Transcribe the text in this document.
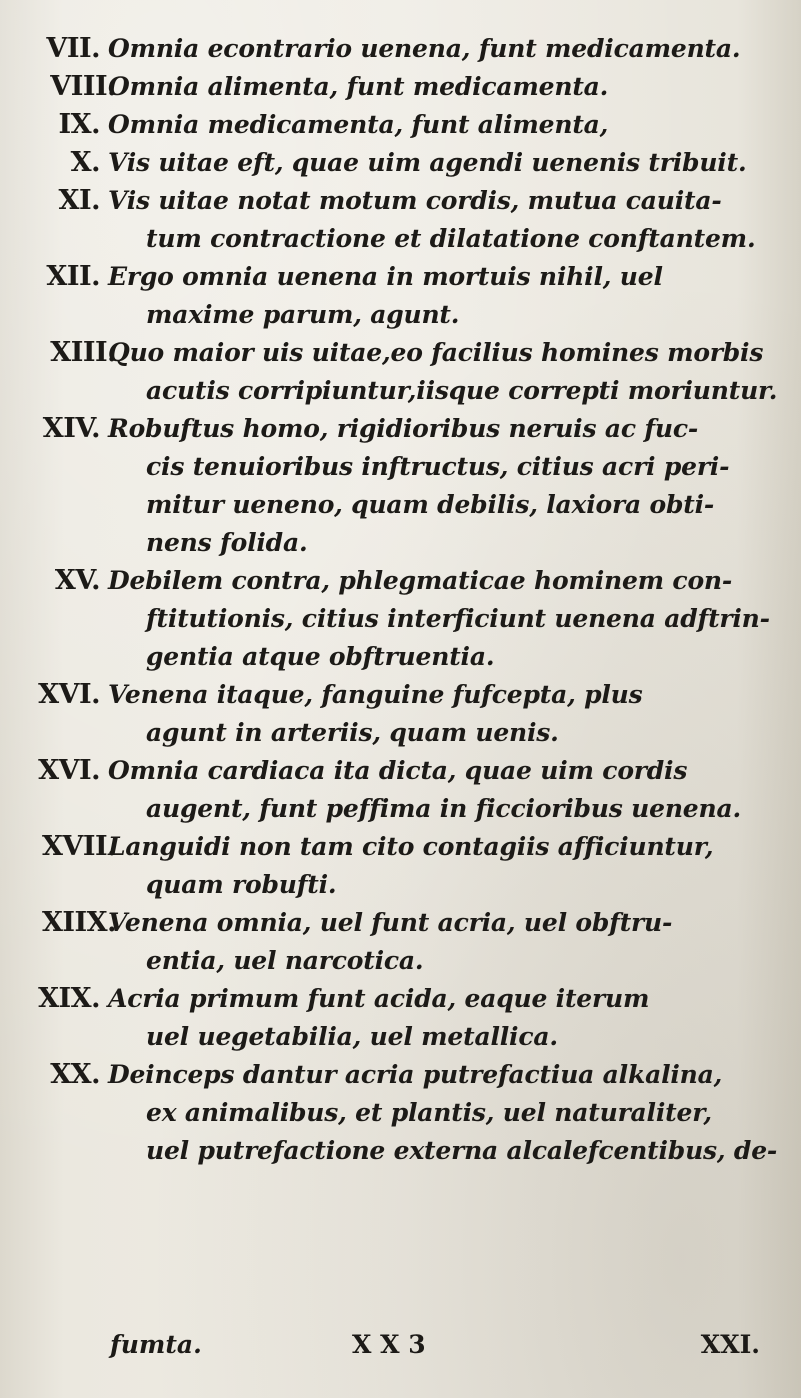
VII. Omnia econtrario uenena, funt medicamenta.
VIII.
Omnia alimenta, funt medicamenta.
IX. Omnia medicamenta, funt alimenta,
X. Vis uitae eft, quae uim agendi uenenis tribuit.
XI. Vis uitae notat motum cordis, mutua cauita-
tum contractione et dilatatione conftantem.
XII. Ergo omnia uenena in mortuis nihil, uel
maxime parum, agunt.
XIII.
Quo maior uis uitae,eo facilius homines morbis
acutis corripiuntur,iisque correpti moriuntur.
XIV. Robuftus homo, rigidioribus neruis ac fuc-
cis tenuioribus inftructus, citius acri peri-
mitur ueneno, quam debilis, laxiora obti-
nens folida.
XV. Debilem contra, phlegmaticae hominem con-
ftitutionis, citius interficiunt uenena adftrin-
gentia atque obftruentia.
XVI. Venena itaque, fanguine fufcepta, plus
agunt in arteriis, quam uenis.
XVI. Omnia cardiaca ita dicta, quae uim cordis
augent, funt peffima in ficcioribus uenena.
XVII.
Languidi non tam cito contagiis afficiuntur,
quam robufti.
XIIX.
Venena omnia, uel funt acria, uel obftru-
entia, uel narcotica.
XIX. Acria primum funt acida, eaque iterum
uel uegetabilia, uel metallica.
XX. Deinceps dantur acria putrefactiua alkalina,
ex animalibus, et plantis, uel naturaliter,
uel putrefactione externa alcalefcentibus, de-
fumta.	X X 3	XXI.
